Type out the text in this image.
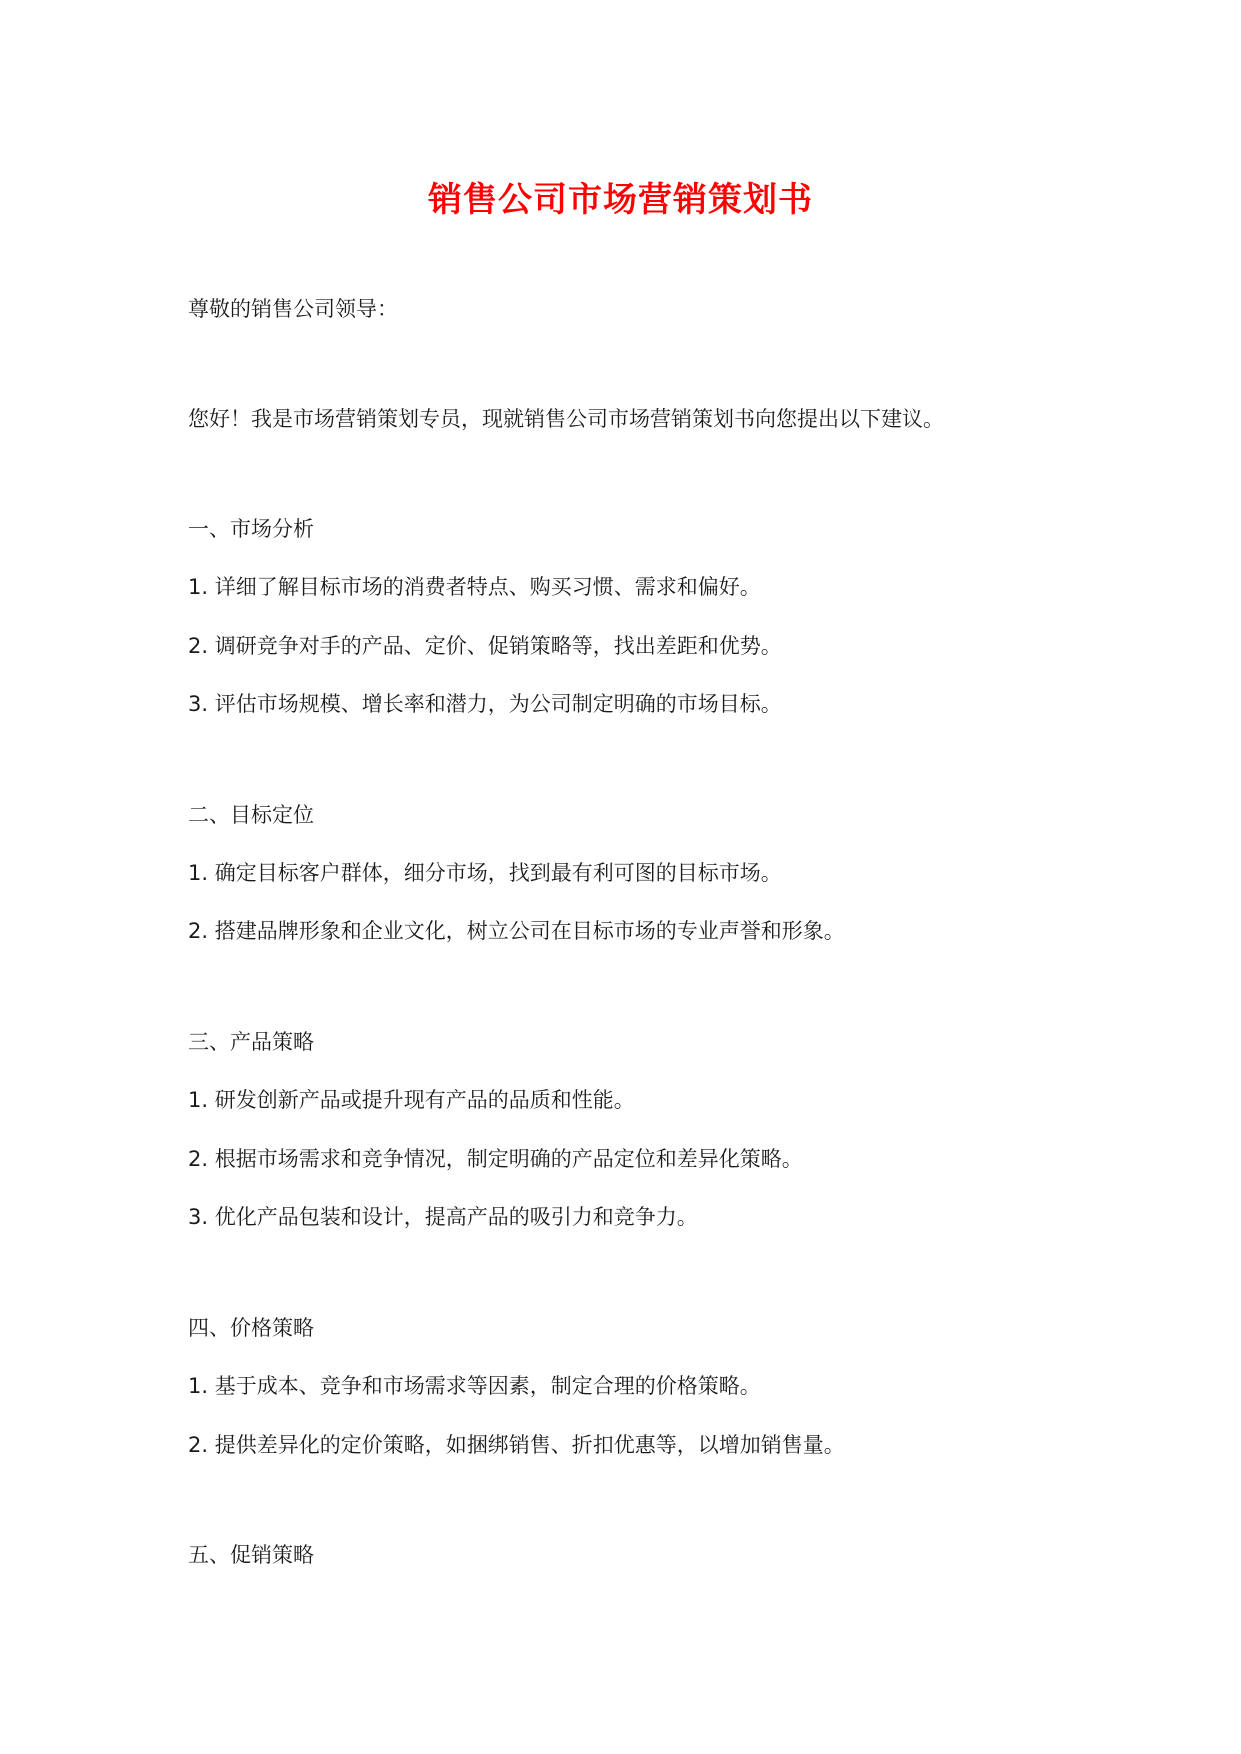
销售公司市场营销策划书

尊敬的销售公司领导：

您好！我是市场营销策划专员，现就销售公司市场营销策划书向您提出以下建议。

一、市场分析

1. 详细了解目标市场的消费者特点、购买习惯、需求和偏好。

2. 调研竞争对手的产品、定价、促销策略等，找出差距和优势。

3. 评估市场规模、增长率和潜力，为公司制定明确的市场目标。

二、目标定位

1. 确定目标客户群体，细分市场，找到最有利可图的目标市场。

2. 搭建品牌形象和企业文化，树立公司在目标市场的专业声誉和形象。

三、产品策略

1. 研发创新产品或提升现有产品的品质和性能。

2. 根据市场需求和竞争情况，制定明确的产品定位和差异化策略。

3. 优化产品包装和设计，提高产品的吸引力和竞争力。

四、价格策略

1. 基于成本、竞争和市场需求等因素，制定合理的价格策略。

2. 提供差异化的定价策略，如捆绑销售、折扣优惠等，以增加销售量。

五、促销策略
